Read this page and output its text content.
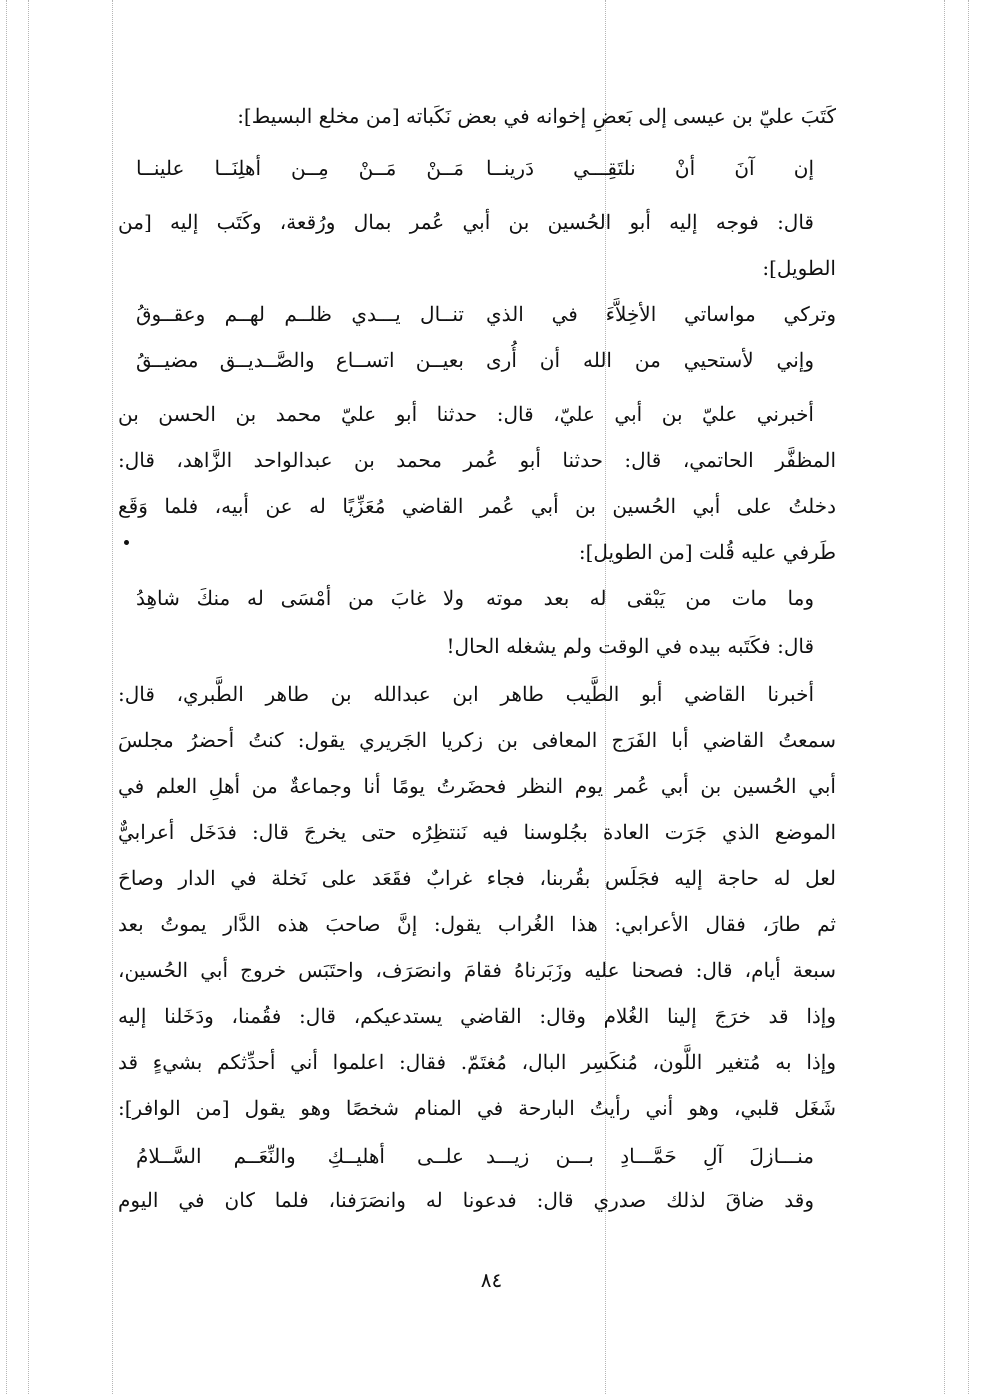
كَتَبَ عليّ بن عيسى إلى بَعضِ إخوانه في بعض نَكَباته [من مخلع البسيط]:
إن آنَ أنْ نلتَقِـــي دَرينــا
مَــنْ مَــنْ مِــن أهلِنَــا علينــا
قال: فوجه إليه أبو الحُسين بن أبي عُمر بمال ورُقعة، وكَتَب إليه [من
الطويل]:
وتركي مواساتي الأخِلاَّءَ في الذي
تنــال يـــدي ظلــم لهــم وعقــوقُ
وإني لأستحيي من الله أن أُرى
بعيــن اتســاع والصَّــديــق مضيــقُ
أخبرني عليّ بن أبي عليّ، قال: حدثنا أبو عليّ محمد بن الحسن بن
المظفَّر الحاتمي، قال: حدثنا أبو عُمر محمد بن عبدالواحد الزَّاهد، قال:
دخلتُ على أبي الحُسين بن أبي عُمر القاضي مُعَزِّيًا له عن أبيه، فلما وَقَع
طَرفي عليه قُلت [من الطويل]:
وما مات من يَبْقى له بعد موته
ولا غابَ من أمْسَى له منكَ شاهِدُ
قال: فكَتَبه بيده في الوقت ولم يشغله الحال!
أخبرنا القاضي أبو الطَّيب طاهر ابن عبدالله بن طاهر الطَّبري، قال:
سمعتُ القاضي أبا الفَرَج المعافى بن زكريا الجَريري يقول: كنتُ أحضرُ مجلسَ
أبي الحُسين بن أبي عُمر يوم النظر فحضَرتُ يومًا أنا وجماعةٌ من أهلِ العلم في
الموضع الذي جَرَت العادة بجُلوسنا فيه نَنتظِرُه حتى يخرجَ قال: فدَخَل أعرابيٌّ
لعل له حاجة إليه فجَلَس بقُربنا، فجاء غرابٌ فقَعَد على نَخلة في الدار وصاحَ
ثم طارَ، فقال الأعرابي: هذا الغُراب يقول: إنَّ صاحبَ هذه الدَّار يموتُ بعد
سبعة أيام، قال: فصحنا عليه وزَبَرناهُ فقامَ وانصَرَف، واحتَبَس خروج أبي الحُسين،
وإذا قد خرَجَ إلينا الغُلام وقال: القاضي يستدعيكم، قال: فقُمنا، ودَخَلنا إليه
وإذا به مُتغير اللَّون، مُنكَسِر البال، مُغتَمّ. فقال: اعلموا أني أحدِّثكم بشيءٍ قد
شَغَل قلبي، وهو أني رأيتُ البارحة في المنام شخصًا وهو يقول [من الوافر]:
منـــازلَ آلِ حَمَّـــادِ بـــن زيـــد
علــى أهليــكِ والنِّعَــم السَّــلامُ
وقد ضاقَ لذلك صدري قال: فدعونا له وانصَرَفنا، فلما كان في اليوم
٨٤
